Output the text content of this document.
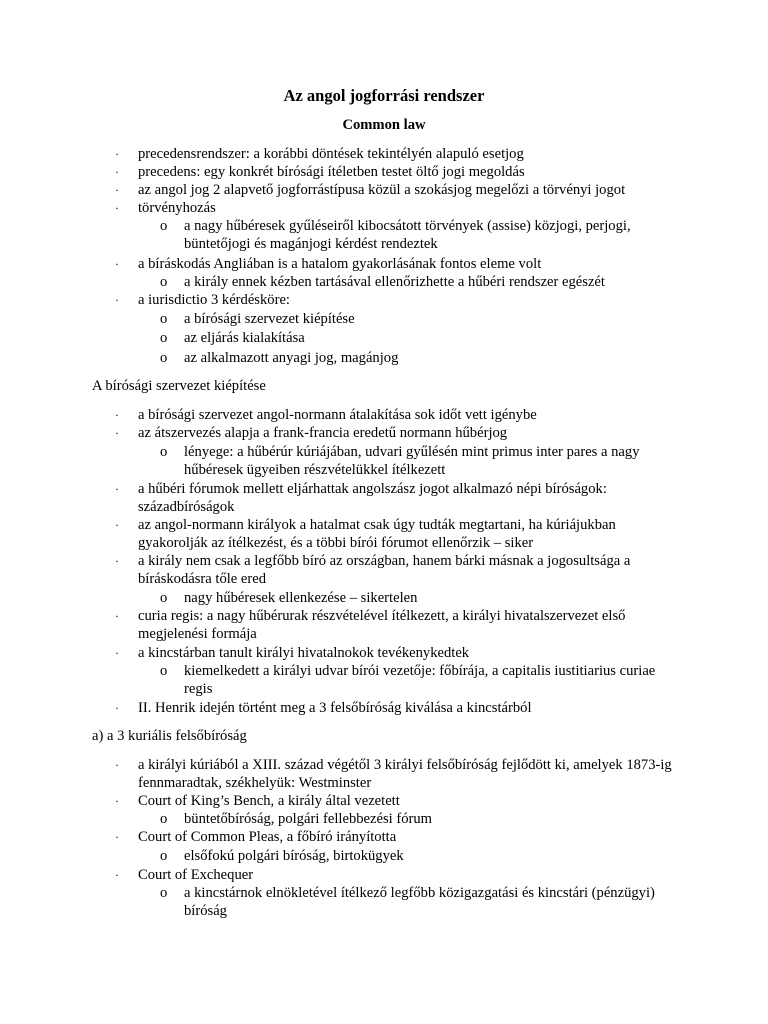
Az angol jogforrási rendszer
Common law
· precedensrendszer: a korábbi döntések tekintélyén alapuló esetjog
· precedens: egy konkrét bírósági ítéletben testet öltő jogi megoldás
· az angol jog 2 alapvető jogforrástípusa közül a szokásjog megelőzi a törvényi jogot
· törvényhozás
o a nagy hűbéresek gyűléseiről kibocsátott törvények (assise) közjogi, perjogi, büntetőjogi és magánjogi kérdést rendeztek
· a bíráskodás Angliában is a hatalom gyakorlásának fontos eleme volt
o a király ennek kézben tartásával ellenőrizhette a hűbéri rendszer egészét
· a iurisdictio 3 kérdésköre:
o a bírósági szervezet kiépítése
o az eljárás kialakítása
o az alkalmazott anyagi jog, magánjog
A bírósági szervezet kiépítése
· a bírósági szervezet angol-normann átalakítása sok időt vett igénybe
· az átszervezés alapja a frank-francia eredetű normann hűbérjog
o lényege: a hűbérúr kúriájában, udvari gyűlésén mint primus inter pares a nagy hűbéresek ügyeiben részvételükkel ítélkezett
· a hűbéri fórumok mellett eljárhattak angolszász jogot alkalmazó népi bíróságok: századbíróságok
· az angol-normann királyok a hatalmat csak úgy tudták megtartani, ha kúriájukban gyakorolják az ítélkezést, és a többi bírói fórumot ellenőrzik – siker
· a király nem csak a legfőbb bíró az országban, hanem bárki másnak a jogosultsága a bíráskodásra tőle ered
o nagy hűbéresek ellenkezése – sikertelen
· curia regis: a nagy hűbérurak részvételével ítélkezett, a királyi hivatalszervezet első megjelenési formája
· a kincstárban tanult királyi hivatalnokok tevékenykedtek
o kiemelkedett a királyi udvar bírói vezetője: főbírája, a capitalis iustitiarius curiae regis
· II. Henrik idején történt meg a 3 felsőbíróság kiválása a kincstárból
a) a 3 kuriális felsőbíróság
· a királyi kúriából a XIII. század végétől 3 királyi felsőbíróság fejlődött ki, amelyek 1873-ig fennmaradtak, székhelyük: Westminster
· Court of King’s Bench, a király által vezetett
o büntetőbíróság, polgári fellebbezési fórum
· Court of Common Pleas, a főbíró irányította
o elsőfokú polgári bíróság, birtokügyek
· Court of Exchequer
o a kincstárnok elnökletével ítélkező legfőbb közigazgatási és kincstári (pénzügyi) bíróság
